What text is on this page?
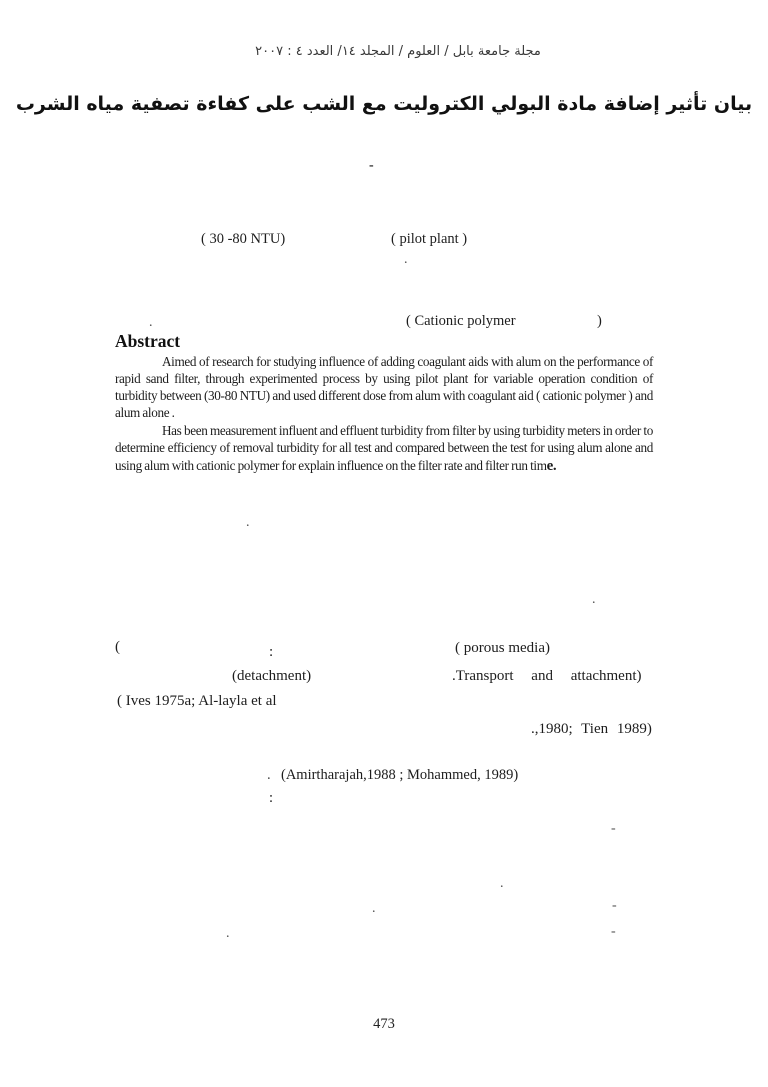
مجلة جامعة بابل / العلوم / المجلد ١٤/ العدد ٤ : ٢٠٠٧
بيان تأثير إضافة مادة البولي الكتروليت مع الشب على كفاءة تصفية مياه الشرب
-
( 30 -80 NTU)	( pilot plant )
.
.	( Cationic polymer	)
Abstract

Aimed of research for studying influence of adding coagulant aids with alum on the performance of rapid sand filter, through experimented process by using pilot plant for variable operation condition of turbidity between (30-80 NTU) and used different dose from alum with coagulant aid ( cationic polymer ) and alum alone .

Has been measurement influent and effluent turbidity from filter by using turbidity meters in order to determine efficiency of removal turbidity for all test and compared between the test for using alum alone and using alum with cationic polymer for explain influence on the filter rate and filter run time.

.
.
(	:	( porous media)
(detachment)	.Transport and attachment)
( Ives 1975a; Al-layla et al
.,1980; Tien 1989)
. (Amirtharajah,1988 ; Mohammed, 1989)
:
-
.
-
.
-
.
473
